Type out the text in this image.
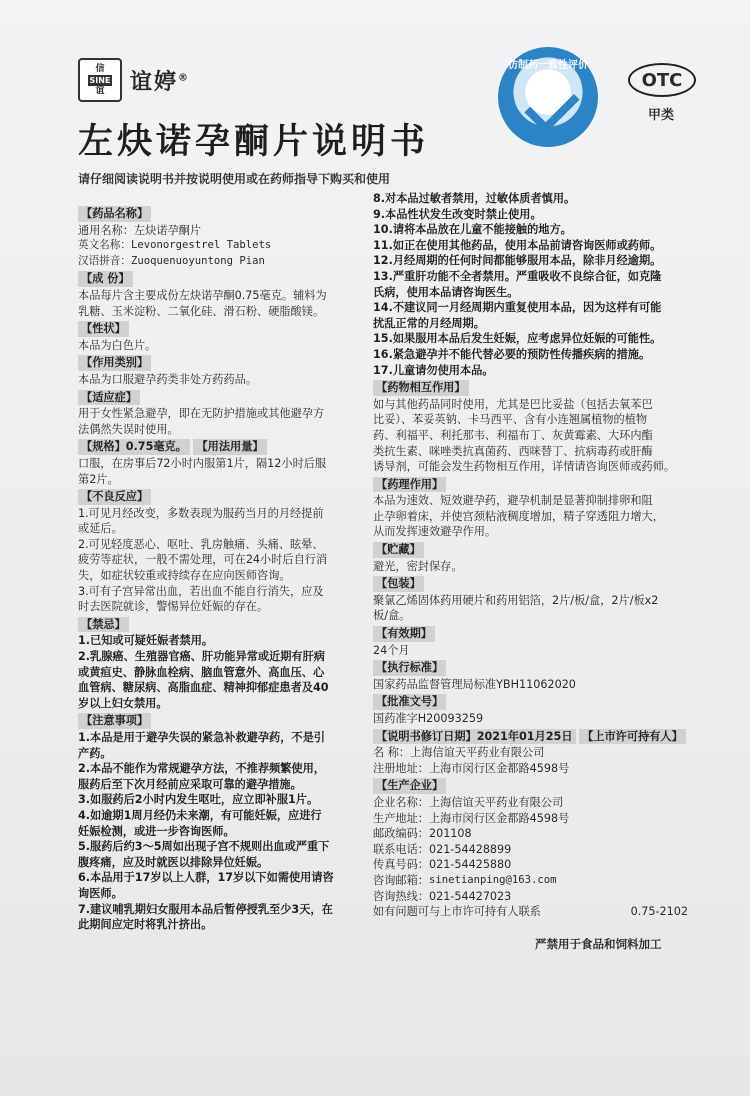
信
SINE
谊 谊婷®
仿制药一致性评价
OTC
甲类
左炔诺孕酮片说明书
请仔细阅读说明书并按说明使用或在药师指导下购买和使用
【药品名称】
通用名称：左炔诺孕酮片
英文名称：Levonorgestrel Tablets
汉语拼音：Zuoquenuoyuntong Pian
【成 份】
本品每片含主要成份左炔诺孕酮0.75毫克。辅料为
乳糖、玉米淀粉、二氧化硅、滑石粉、硬脂酸镁。
【性状】
本品为白色片。
【作用类别】
本品为口服避孕药类非处方药药品。
【适应症】
用于女性紧急避孕，即在无防护措施或其他避孕方
法偶然失误时使用。
【规格】0.75毫克。 【用法用量】
口服，在房事后72小时内服第1片，隔12小时后服
第2片。
【不良反应】
1.可见月经改变，多数表现为服药当月的月经提前
或延后。
2.可见轻度恶心、呕吐、乳房触痛、头痛、眩晕、
疲劳等症状，一般不需处理，可在24小时后自行消
失，如症状较重或持续存在应向医师咨询。
3.可有子宫异常出血，若出血不能自行消失，应及
时去医院就诊，警惕异位妊娠的存在。
【禁忌】
1.已知或可疑妊娠者禁用。
2.乳腺癌、生殖器官癌、肝功能异常或近期有肝病
或黄疸史、静脉血栓病、脑血管意外、高血压、心
血管病、糖尿病、高脂血症、精神抑郁症患者及40
岁以上妇女禁用。
【注意事项】
1.本品是用于避孕失误的紧急补救避孕药，不是引
产药。
2.本品不能作为常规避孕方法，不推荐频繁使用，
服药后至下次月经前应采取可靠的避孕措施。
3.如服药后2小时内发生呕吐，应立即补服1片。
4.如逾期1周月经仍未来潮，有可能妊娠，应进行
妊娠检测，或进一步咨询医师。
5.服药后约3～5周如出现子宫不规则出血或严重下
腹疼痛，应及时就医以排除异位妊娠。
6.本品用于17岁以上人群，17岁以下如需使用请咨
询医师。
7.建议哺乳期妇女服用本品后暂停授乳至少3天，在
此期间应定时将乳汁挤出。
8.对本品过敏者禁用，过敏体质者慎用。
9.本品性状发生改变时禁止使用。
10.请将本品放在儿童不能接触的地方。
11.如正在使用其他药品，使用本品前请咨询医师或药师。
12.月经周期的任何时间都能够服用本品，除非月经逾期。
13.严重肝功能不全者禁用。严重吸收不良综合征，如克隆
氏病，使用本品请咨询医生。
14.不建议同一月经周期内重复使用本品，因为这样有可能
扰乱正常的月经周期。
15.如果服用本品后发生妊娠，应考虑异位妊娠的可能性。
16.紧急避孕并不能代替必要的预防性传播疾病的措施。
17.儿童请勿使用本品。
【药物相互作用】
如与其他药品同时使用，尤其是巴比妥盐（包括去氧苯巴
比妥）、苯妥英钠、卡马西平、含有小连翘属植物的植物
药、利福平、利托那韦、利福布丁、灰黄霉素、大环内酯
类抗生素、咪唑类抗真菌药、西咪替丁、抗病毒药或肝酶
诱导剂，可能会发生药物相互作用，详情请咨询医师或药师。
【药理作用】
本品为速效、短效避孕药，避孕机制是显著抑制排卵和阻
止孕卵着床，并使宫颈粘液稠度增加，精子穿透阻力增大，
从而发挥速效避孕作用。
【贮藏】
避光，密封保存。
【包装】
聚氯乙烯固体药用硬片和药用铝箔，2片/板/盒，2片/板x2
板/盒。
【有效期】
24个月
【执行标准】
国家药品监督管理局标准YBH11062020
【批准文号】
国药准字H20093259
【说明书修订日期】2021年01月25日 【上市许可持有人】
名 称： 上海信谊天平药业有限公司
注册地址： 上海市闵行区金都路4598号
【生产企业】
企业名称： 上海信谊天平药业有限公司
生产地址： 上海市闵行区金都路4598号
邮政编码： 201108
联系电话： 021-54428899
传真号码： 021-54425880
咨询邮箱： sinetianping@163.com
咨询热线： 021-54427023
如有问题可与上市许可持有人联系	0.75-2102
严禁用于食品和饲料加工
